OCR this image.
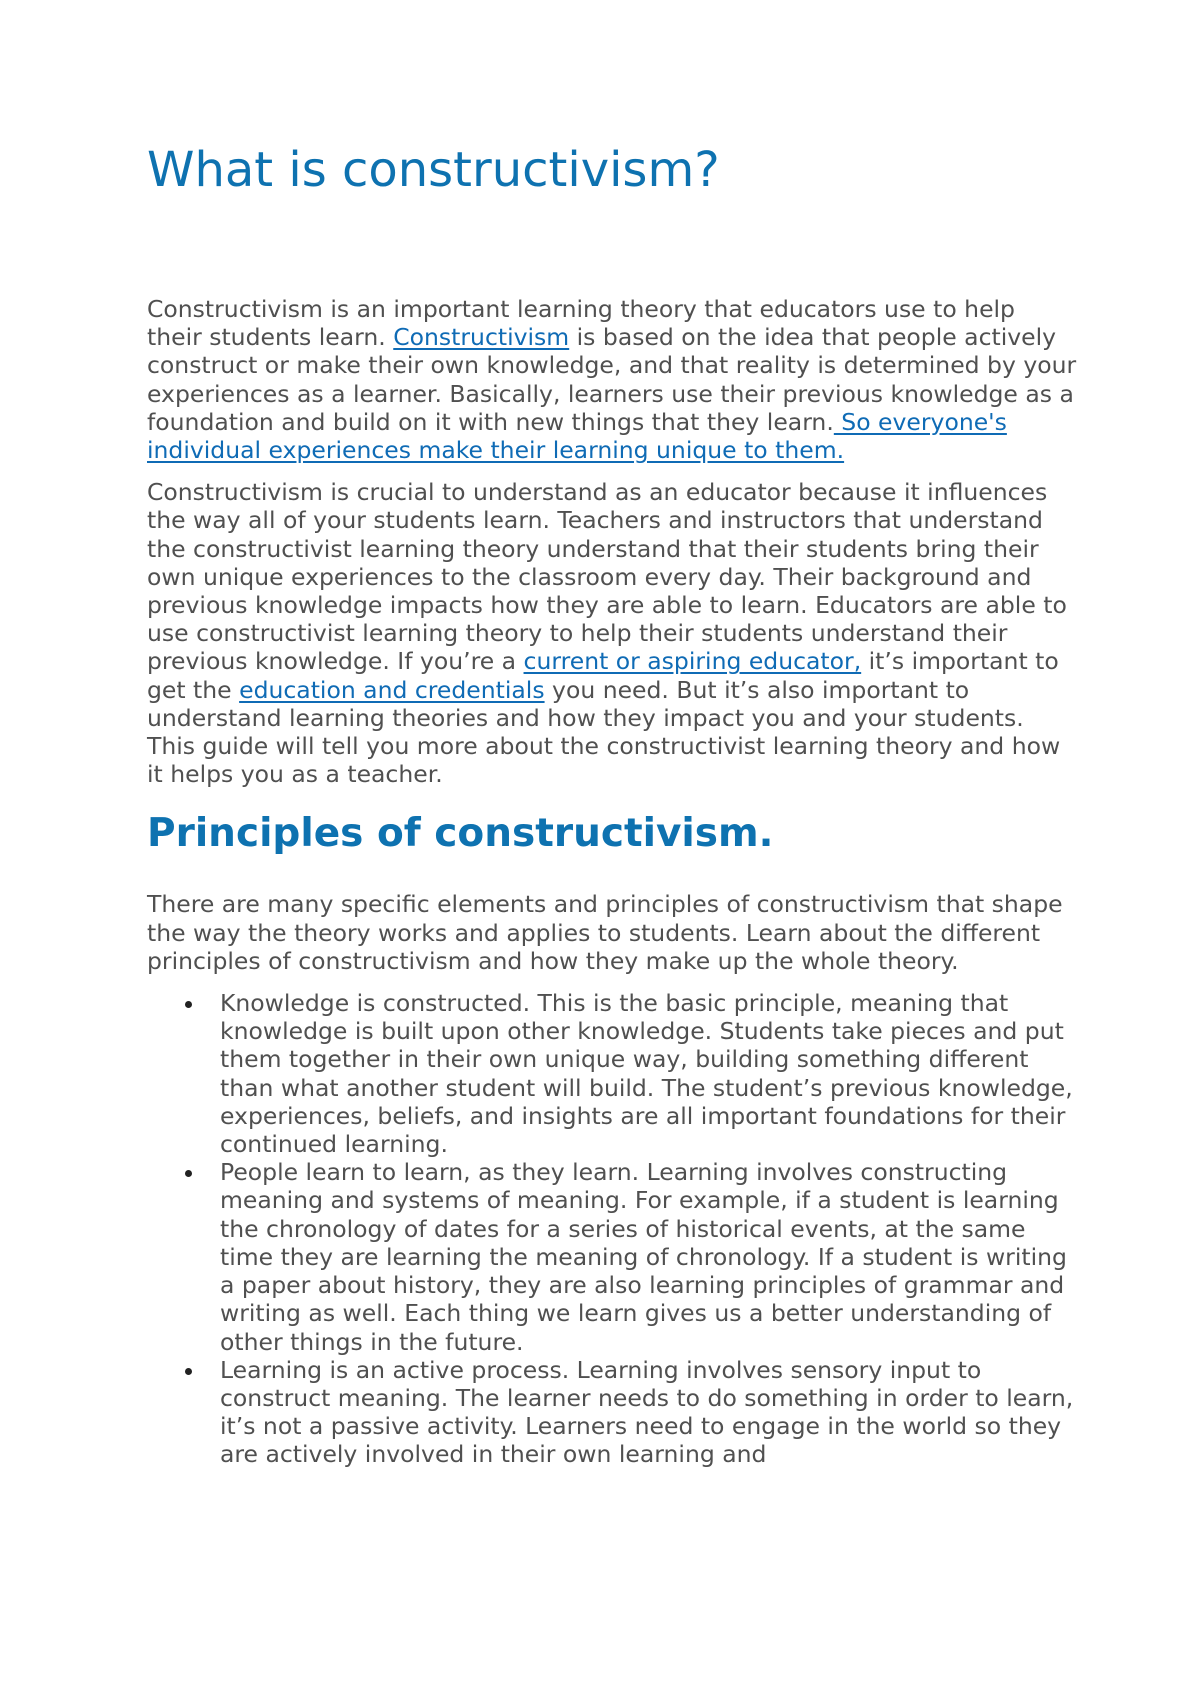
What is constructivism?

Constructivism is an important learning theory that educators use to help their students learn. Constructivism is based on the idea that people actively construct or make their own knowledge, and that reality is determined by your experiences as a learner. Basically, learners use their previous knowledge as a foundation and build on it with new things that they learn. So everyone's individual experiences make their learning unique to them.

Constructivism is crucial to understand as an educator because it influences the way all of your students learn. Teachers and instructors that understand the constructivist learning theory understand that their students bring their own unique experiences to the classroom every day. Their background and previous knowledge impacts how they are able to learn. Educators are able to use constructivist learning theory to help their students understand their previous knowledge. If you’re a current or aspiring educator, it’s important to get the education and credentials you need. But it’s also important to understand learning theories and how they impact you and your students. This guide will tell you more about the constructivist learning theory and how it helps you as a teacher.

Principles of constructivism.

There are many specific elements and principles of constructivism that shape the way the theory works and applies to students. Learn about the different principles of constructivism and how they make up the whole theory.

Knowledge is constructed. This is the basic principle, meaning that knowledge is built upon other knowledge. Students take pieces and put them together in their own unique way, building something different than what another student will build. The student’s previous knowledge, experiences, beliefs, and insights are all important foundations for their continued learning.
People learn to learn, as they learn. Learning involves constructing meaning and systems of meaning. For example, if a student is learning the chronology of dates for a series of historical events, at the same time they are learning the meaning of chronology. If a student is writing a paper about history, they are also learning principles of grammar and writing as well. Each thing we learn gives us a better understanding of other things in the future.
Learning is an active process. Learning involves sensory input to construct meaning. The learner needs to do something in order to learn, it’s not a passive activity. Learners need to engage in the world so they are actively involved in their own learning and
